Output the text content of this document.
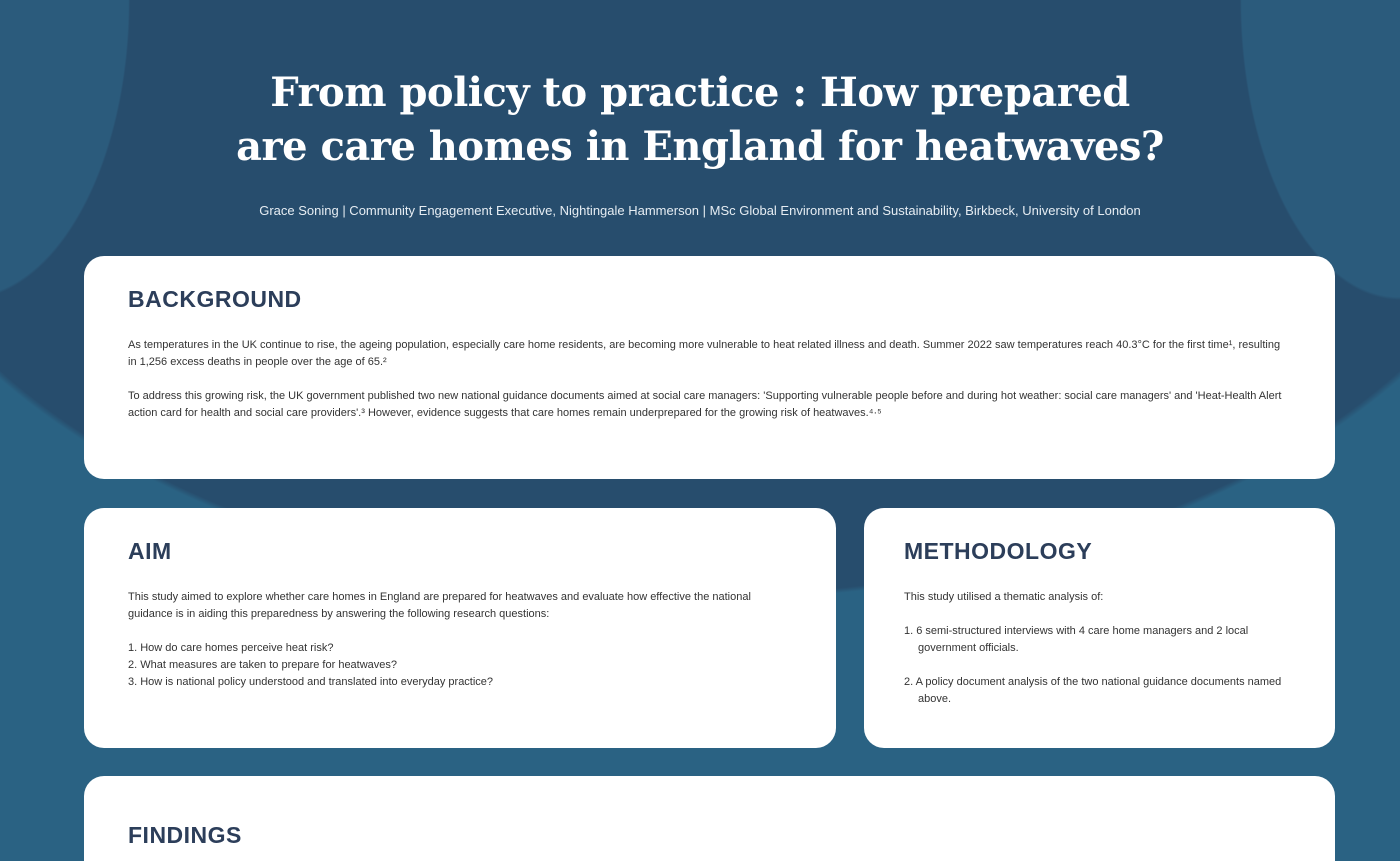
From policy to practice : How prepared
are care homes in England for heatwaves?
Grace Soning | Community Engagement Executive, Nightingale Hammerson | MSc Global Environment and Sustainability, Birkbeck, University of London
BACKGROUND

As temperatures in the UK continue to rise, the ageing population, especially care home residents, are becoming more vulnerable to heat related illness and death. Summer 2022 saw temperatures reach 40.3°C for the first time¹, resulting in 1,256 excess deaths in people over the age of 65.²

To address this growing risk, the UK government published two new national guidance documents aimed at social care managers: 'Supporting vulnerable people before and during hot weather: social care managers' and 'Heat-Health Alert action card for health and social care providers'.³ However, evidence suggests that care homes remain underprepared for the growing risk of heatwaves.⁴·⁵

AIM

This study aimed to explore whether care homes in England are prepared for heatwaves and evaluate how effective the national guidance is in aiding this preparedness by answering the following research questions:

1. How do care homes perceive heat risk?

2. What measures are taken to prepare for heatwaves?

3. How is national policy understood and translated into everyday practice?

METHODOLOGY

This study utilised a thematic analysis of:

1. 6 semi-structured interviews with 4 care home managers and 2 local government officials.

2. A policy document analysis of the two national guidance documents named above.

FINDINGS
